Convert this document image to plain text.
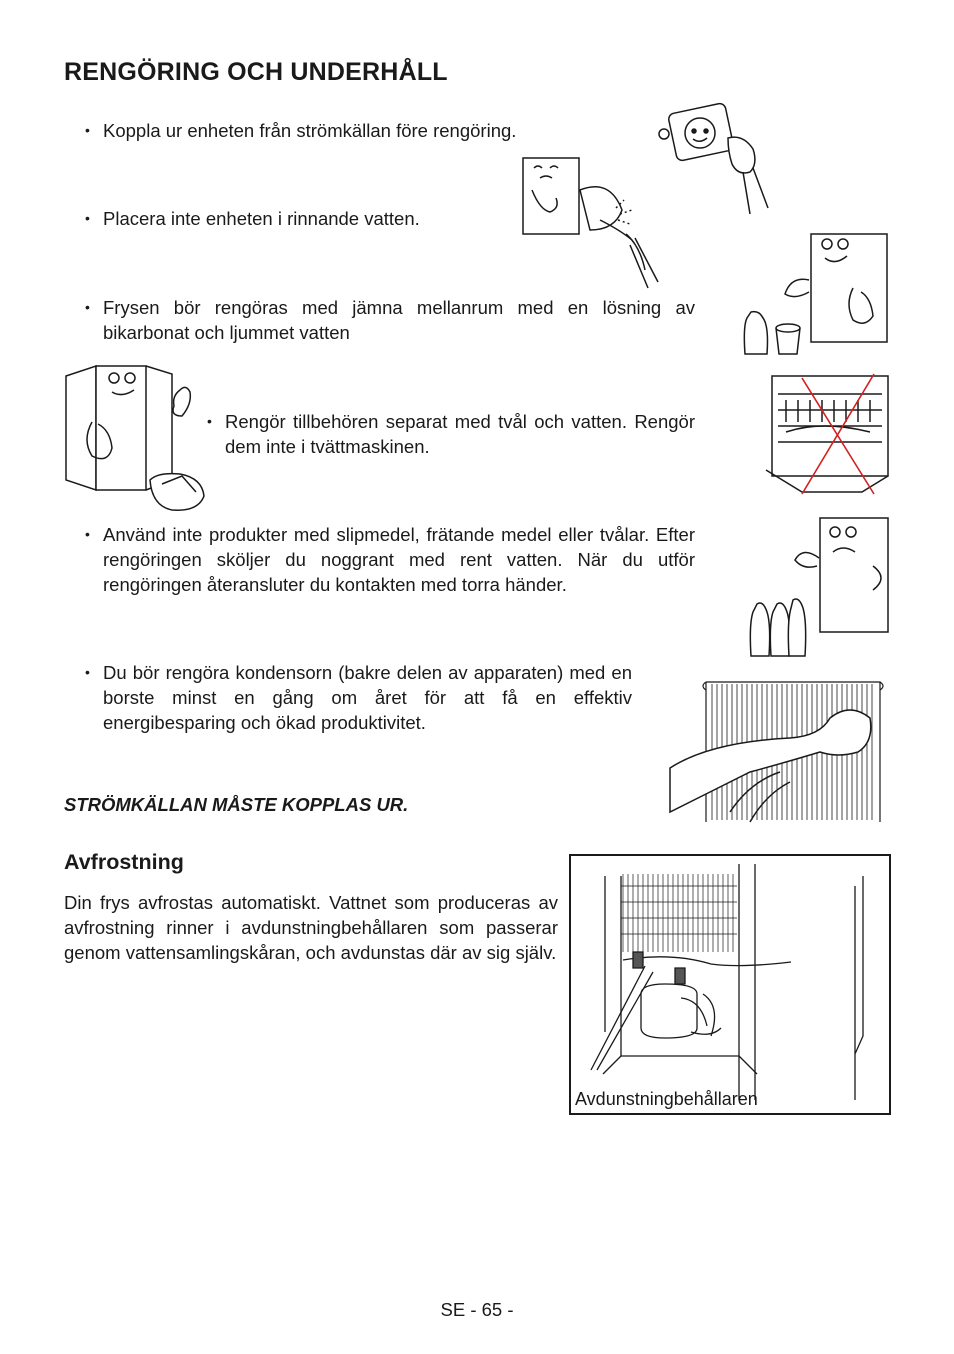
RENGÖRING OCH UNDERHÅLL
• Koppla ur enheten från strömkällan före rengöring.
• Placera inte enheten i rinnande vatten.
• Frysen bör rengöras med jämna mellanrum med en lösning av bikarbonat och ljummet vatten
• Rengör tillbehören separat med tvål och vatten. Rengör dem inte i tvättmaskinen.
• Använd inte produkter med slipmedel, frätande medel eller tvålar. Efter rengöringen sköljer du noggrant med rent vatten. När du utför rengöringen återansluter du kontakten med torra händer.
• Du bör rengöra kondensorn (bakre delen av apparaten) med en borste minst en gång om året för att få en effektiv energibesparing och ökad produktivitet.
STRÖMKÄLLAN MÅSTE KOPPLAS UR.
Avfrostning
Din frys avfrostas automatiskt. Vattnet som produceras av avfrostning rinner i avdunstningbehållaren som passerar genom vattensamlingskåran, och avdunstas där av sig själv.
Avdunstningbehållaren
SE - 65 -
